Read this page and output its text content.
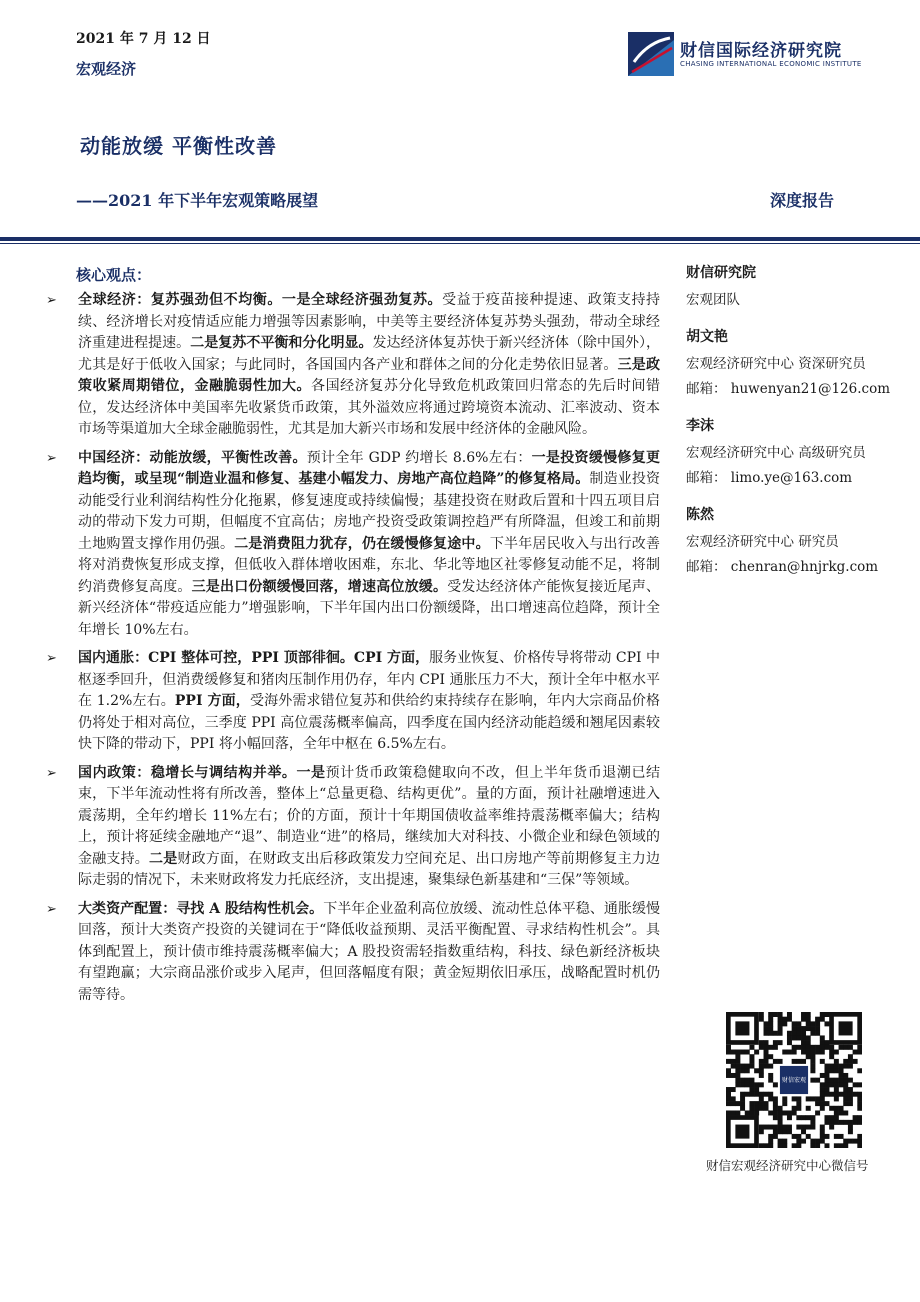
2021 年 7 月 12 日
宏观经济
财信国际经济研究院
CHASING INTERNATIONAL ECONOMIC INSTITUTE
动能放缓 平衡性改善
——2021 年下半年宏观策略展望	深度报告
核心观点：
➢ 全球经济：复苏强劲但不均衡。一是全球经济强劲复苏。受益于疫苗接种提速、政策支持持续、经济增长对疫情适应能力增强等因素影响，中美等主要经济体复苏势头强劲，带动全球经济重建进程提速。二是复苏不平衡和分化明显。发达经济体复苏快于新兴经济体（除中国外），尤其是好于低收入国家；与此同时，各国国内各产业和群体之间的分化走势依旧显著。三是政策收紧周期错位，金融脆弱性加大。各国经济复苏分化导致危机政策回归常态的先后时间错位，发达经济体中美国率先收紧货币政策，其外溢效应将通过跨境资本流动、汇率波动、资本市场等渠道加大全球金融脆弱性，尤其是加大新兴市场和发展中经济体的金融风险。
➢ 中国经济：动能放缓，平衡性改善。预计全年 GDP 约增长 8.6%左右：一是投资缓慢修复更趋均衡，或呈现“制造业温和修复、基建小幅发力、房地产高位趋降”的修复格局。制造业投资动能受行业利润结构性分化拖累，修复速度或持续偏慢；基建投资在财政后置和十四五项目启动的带动下发力可期，但幅度不宜高估；房地产投资受政策调控趋严有所降温，但竣工和前期土地购置支撑作用仍强。二是消费阻力犹存，仍在缓慢修复途中。下半年居民收入与出行改善将对消费恢复形成支撑，但低收入群体增收困难，东北、华北等地区社零修复动能不足，将制约消费修复高度。三是出口份额缓慢回落，增速高位放缓。受发达经济体产能恢复接近尾声、新兴经济体“带疫适应能力”增强影响，下半年国内出口份额缓降，出口增速高位趋降，预计全年增长 10%左右。
➢ 国内通胀：CPI 整体可控，PPI 顶部徘徊。CPI 方面，服务业恢复、价格传导将带动 CPI 中枢逐季回升，但消费缓修复和猪肉压制作用仍存，年内 CPI 通胀压力不大，预计全年中枢水平在 1.2%左右。PPI 方面，受海外需求错位复苏和供给约束持续存在影响，年内大宗商品价格仍将处于相对高位，三季度 PPI 高位震荡概率偏高，四季度在国内经济动能趋缓和翘尾因素较快下降的带动下，PPI 将小幅回落，全年中枢在 6.5%左右。
➢ 国内政策：稳增长与调结构并举。一是预计货币政策稳健取向不改，但上半年货币退潮已结束，下半年流动性将有所改善，整体上“总量更稳、结构更优”。量的方面，预计社融增速进入震荡期，全年约增长 11%左右；价的方面，预计十年期国债收益率维持震荡概率偏大；结构上，预计将延续金融地产“退”、制造业“进”的格局，继续加大对科技、小微企业和绿色领域的金融支持。二是财政方面，在财政支出后移政策发力空间充足、出口房地产等前期修复主力边际走弱的情况下，未来财政将发力托底经济，支出提速，聚集绿色新基建和“三保”等领域。
➢ 大类资产配置：寻找 A 股结构性机会。下半年企业盈利高位放缓、流动性总体平稳、通胀缓慢回落，预计大类资产投资的关键词在于“降低收益预期、灵活平衡配置、寻求结构性机会”。具体到配置上，预计债市维持震荡概率偏大；A 股投资需轻指数重结构，科技、绿色新经济板块有望跑赢；大宗商品涨价或步入尾声，但回落幅度有限；黄金短期依旧承压，战略配置时机仍需等待。
财信研究院
宏观团队
胡文艳
宏观经济研究中心 资深研究员
邮箱： huwenyan21@126.com
李沫
宏观经济研究中心 高级研究员
邮箱： limo.ye@163.com
陈然
宏观经济研究中心 研究员
邮箱： chenran@hnjrkg.com
财信宏观
财信宏观经济研究中心微信号
